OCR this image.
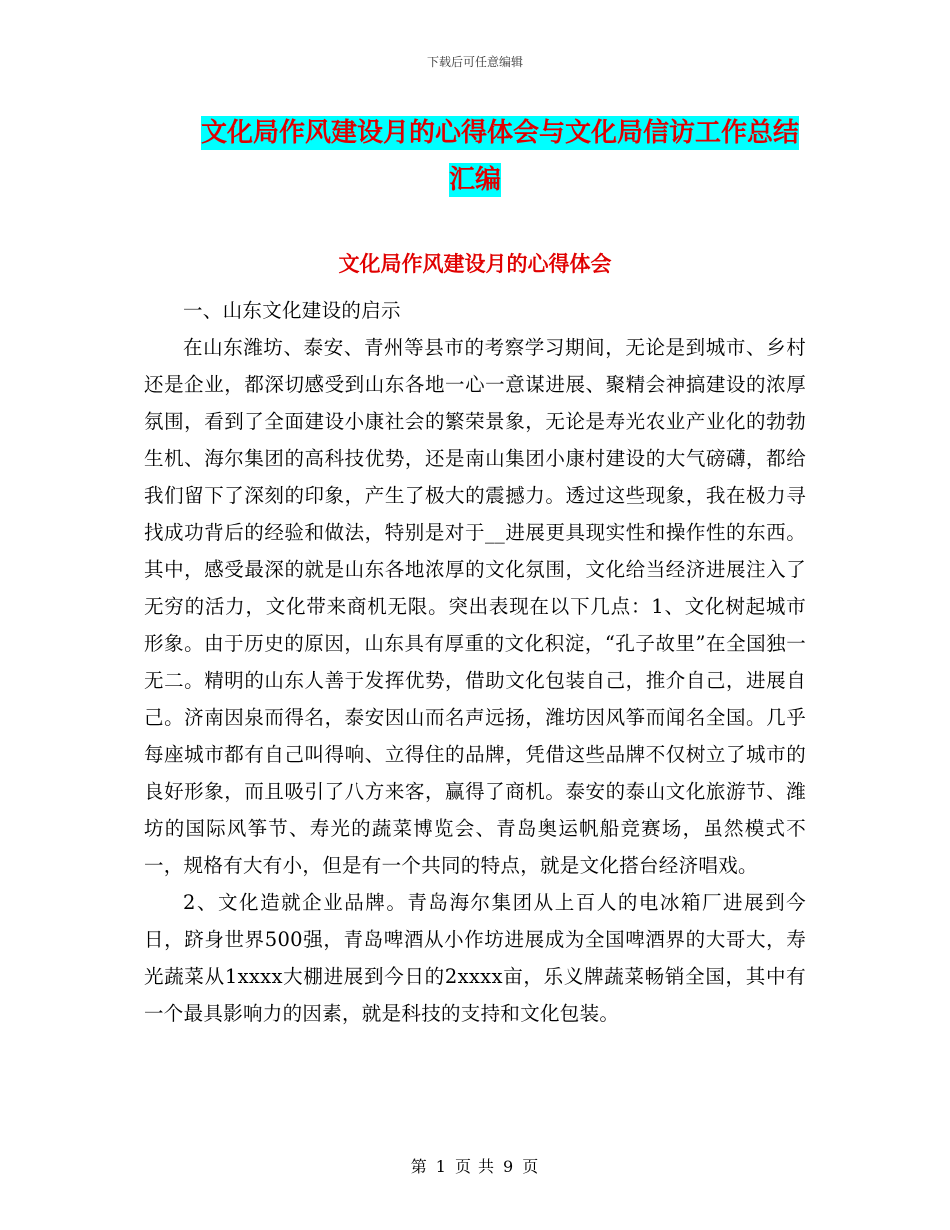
下载后可任意编辑
文化局作风建设月的心得体会与文化局信访工作总结
汇编
文化局作风建设月的心得体会

一、山东文化建设的启示

在山东潍坊、泰安、青州等县市的考察学习期间，无论是到城市、乡村还是企业，都深切感受到山东各地一心一意谋进展、聚精会神搞建设的浓厚氛围，看到了全面建设小康社会的繁荣景象，无论是寿光农业产业化的勃勃生机、海尔集团的高科技优势，还是南山集团小康村建设的大气磅礴，都给我们留下了深刻的印象，产生了极大的震撼力。透过这些现象，我在极力寻找成功背后的经验和做法，特别是对于__进展更具现实性和操作性的东西。其中，感受最深的就是山东各地浓厚的文化氛围，文化给当经济进展注入了无穷的活力，文化带来商机无限。突出表现在以下几点：1、文化树起城市形象。由于历史的原因，山东具有厚重的文化积淀，“孔子故里”在全国独一无二。精明的山东人善于发挥优势，借助文化包装自己，推介自己，进展自己。济南因泉而得名，泰安因山而名声远扬，潍坊因风筝而闻名全国。几乎每座城市都有自己叫得响、立得住的品牌，凭借这些品牌不仅树立了城市的良好形象，而且吸引了八方来客，赢得了商机。泰安的泰山文化旅游节、潍坊的国际风筝节、寿光的蔬菜博览会、青岛奥运帆船竞赛场，虽然模式不一，规格有大有小，但是有一个共同的特点，就是文化搭台经济唱戏。

2、文化造就企业品牌。青岛海尔集团从上百人的电冰箱厂进展到今日，跻身世界500强，青岛啤酒从小作坊进展成为全国啤酒界的大哥大，寿光蔬菜从1xxxx大棚进展到今日的2xxxx亩，乐义牌蔬菜畅销全国，其中有一个最具影响力的因素，就是科技的支持和文化包装。

第 1 页 共 9 页
